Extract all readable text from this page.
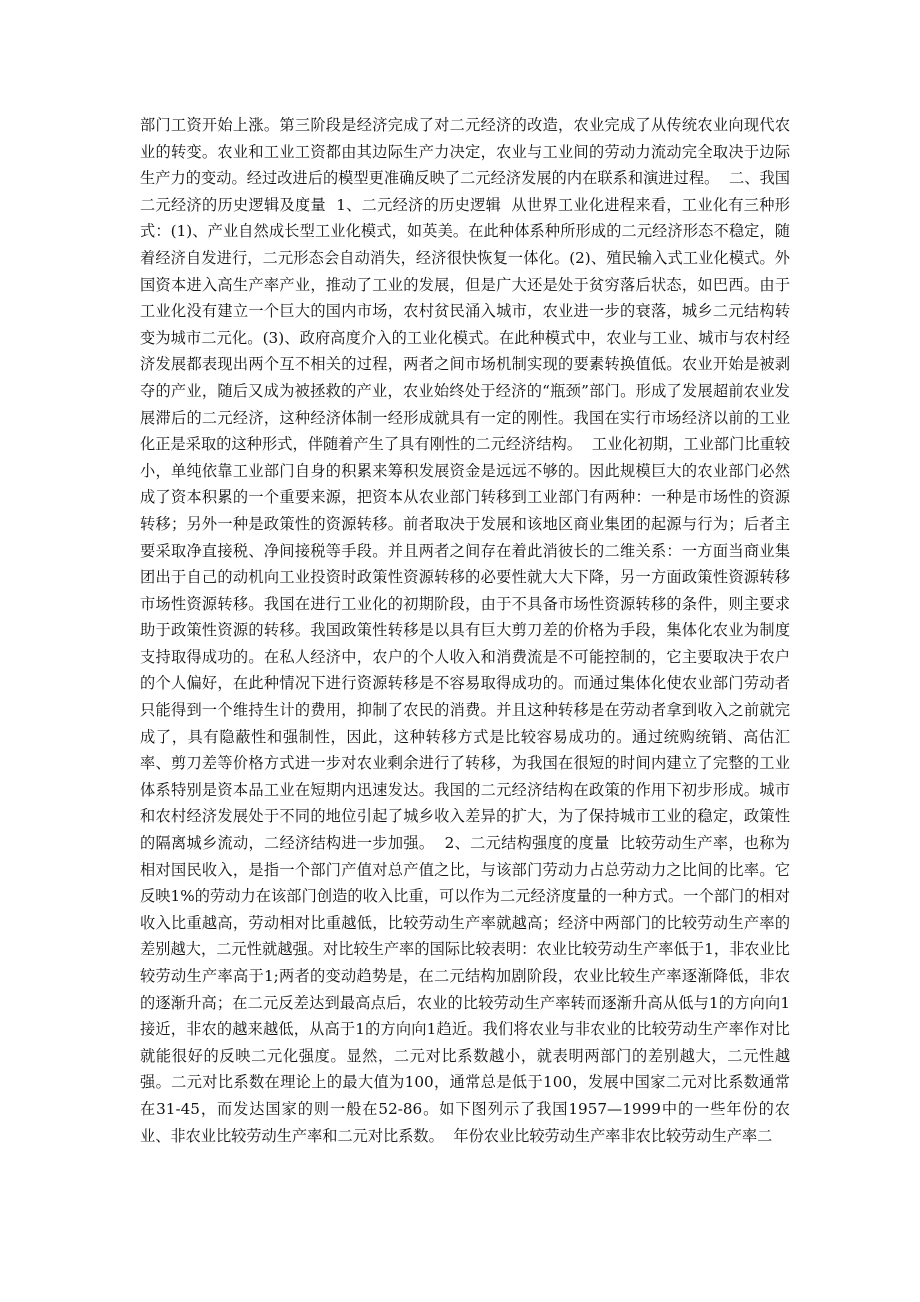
部门工资开始上涨。第三阶段是经济完成了对二元经济的改造，农业完成了从传统农业向现代农业的转变。农业和工业工资都由其边际生产力决定，农业与工业间的劳动力流动完全取决于边际生产力的变动。经过改进后的模型更准确反映了二元经济发展的内在联系和演进过程。  二、我国二元经济的历史逻辑及度量  1、二元经济的历史逻辑  从世界工业化进程来看，工业化有三种形式：(1)、产业自然成长型工业化模式，如英美。在此种体系种所形成的二元经济形态不稳定，随着经济自发进行，二元形态会自动消失，经济很快恢复一体化。(2)、殖民输入式工业化模式。外国资本进入高生产率产业，推动了工业的发展，但是广大还是处于贫穷落后状态，如巴西。由于工业化没有建立一个巨大的国内市场，农村贫民涌入城市，农业进一步的衰落，城乡二元结构转变为城市二元化。(3)、政府高度介入的工业化模式。在此种模式中，农业与工业、城市与农村经济发展都表现出两个互不相关的过程，两者之间市场机制实现的要素转换值低。农业开始是被剥夺的产业，随后又成为被拯救的产业，农业始终处于经济的“瓶颈”部门。形成了发展超前农业发展滞后的二元经济，这种经济体制一经形成就具有一定的刚性。我国在实行市场经济以前的工业化正是采取的这种形式，伴随着产生了具有刚性的二元经济结构。  工业化初期，工业部门比重较小，单纯依靠工业部门自身的积累来筹积发展资金是远远不够的。因此规模巨大的农业部门必然成了资本积累的一个重要来源，把资本从农业部门转移到工业部门有两种：一种是市场性的资源转移；另外一种是政策性的资源转移。前者取决于发展和该地区商业集团的起源与行为；后者主要采取净直接税、净间接税等手段。并且两者之间存在着此消彼长的二维关系：一方面当商业集团出于自己的动机向工业投资时政策性资源转移的必要性就大大下降，另一方面政策性资源转移市场性资源转移。我国在进行工业化的初期阶段，由于不具备市场性资源转移的条件，则主要求助于政策性资源的转移。我国政策性转移是以具有巨大剪刀差的价格为手段，集体化农业为制度支持取得成功的。在私人经济中，农户的个人收入和消费流是不可能控制的，它主要取决于农户的个人偏好，在此种情况下进行资源转移是不容易取得成功的。而通过集体化使农业部门劳动者只能得到一个维持生计的费用，抑制了农民的消费。并且这种转移是在劳动者拿到收入之前就完成了，具有隐蔽性和强制性，因此，这种转移方式是比较容易成功的。通过统购统销、高估汇率、剪刀差等价格方式进一步对农业剩余进行了转移，为我国在很短的时间内建立了完整的工业体系特别是资本品工业在短期内迅速发达。我国的二元经济结构在政策的作用下初步形成。城市和农村经济发展处于不同的地位引起了城乡收入差异的扩大，为了保持城市工业的稳定，政策性的隔离城乡流动，二经济结构进一步加强。  2、二元结构强度的度量  比较劳动生产率，也称为相对国民收入，是指一个部门产值对总产值之比，与该部门劳动力占总劳动力之比间的比率。它反映1%的劳动力在该部门创造的收入比重，可以作为二元经济度量的一种方式。一个部门的相对收入比重越高，劳动相对比重越低，比较劳动生产率就越高；经济中两部门的比较劳动生产率的差别越大，二元性就越强。对比较生产率的国际比较表明：农业比较劳动生产率低于1，非农业比较劳动生产率高于1;两者的变动趋势是，在二元结构加剧阶段，农业比较生产率逐渐降低，非农的逐渐升高；在二元反差达到最高点后，农业的比较劳动生产率转而逐渐升高从低与1的方向向1接近，非农的越来越低，从高于1的方向向1趋近。我们将农业与非农业的比较劳动生产率作对比就能很好的反映二元化强度。显然，二元对比系数越小，就表明两部门的差别越大，二元性越强。二元对比系数在理论上的最大值为100，通常总是低于100，发展中国家二元对比系数通常在31-45，而发达国家的则一般在52-86。如下图列示了我国1957—1999中的一些年份的农业、非农业比较劳动生产率和二元对比系数。  年份农业比较劳动生产率非农比较劳动生产率二
